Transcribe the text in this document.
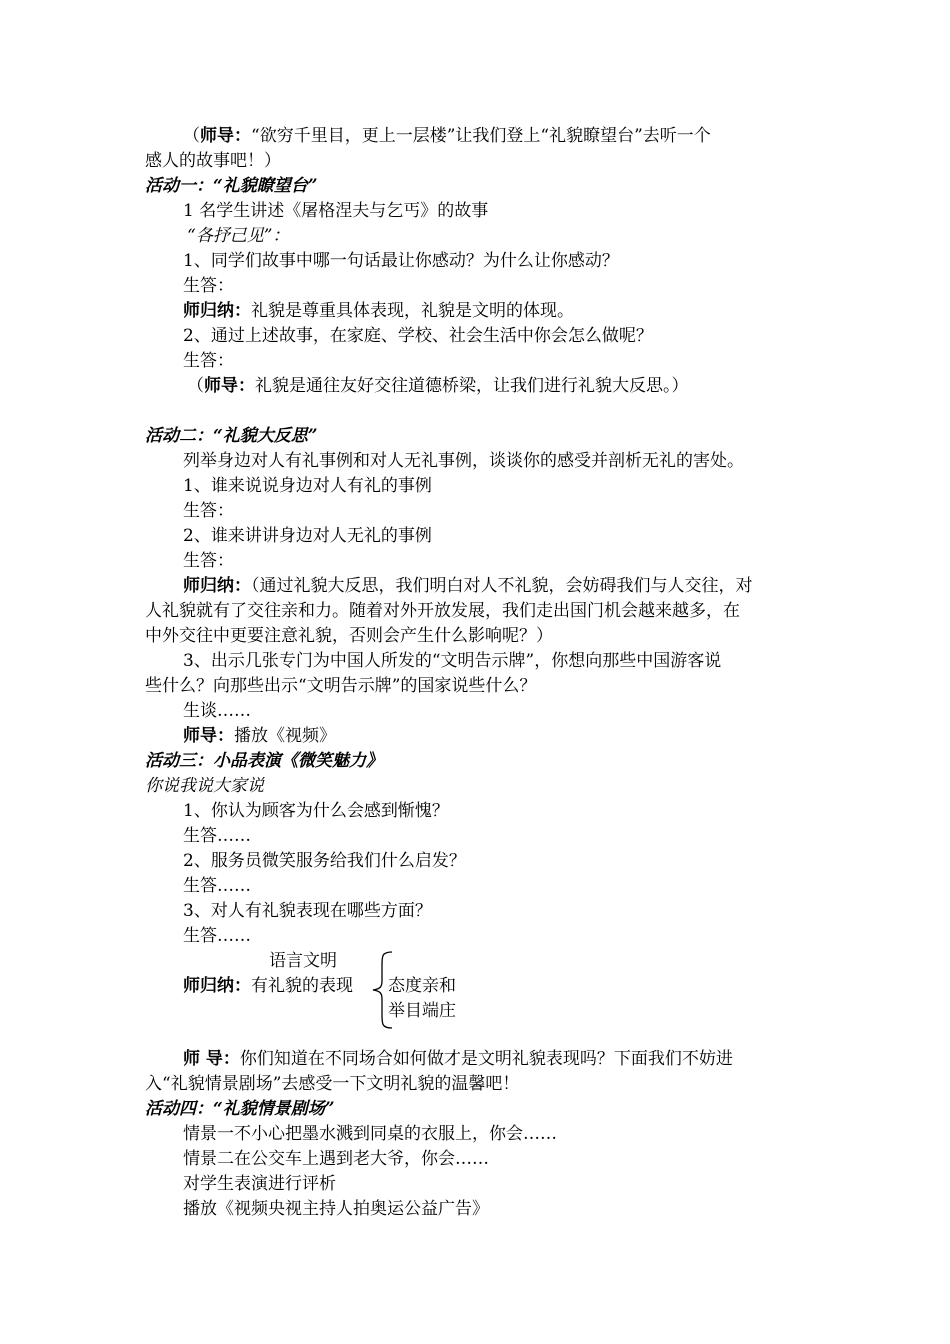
（师导：“欲穷千里目，更上一层楼”让我们登上“礼貌瞭望台”去听一个
感人的故事吧！）
活动一：“礼貌瞭望台”
1 名学生讲述《屠格涅夫与乞丐》的故事
“各抒己见”：
1、同学们故事中哪一句话最让你感动？为什么让你感动？
生答：
师归纳：礼貌是尊重具体表现，礼貌是文明的体现。
2、通过上述故事，在家庭、学校、社会生活中你会怎么做呢？
生答：
（师导：礼貌是通往友好交往道德桥梁，让我们进行礼貌大反思。）
活动二：“礼貌大反思”
列举身边对人有礼事例和对人无礼事例，谈谈你的感受并剖析无礼的害处。
1、谁来说说身边对人有礼的事例
生答：
2、谁来讲讲身边对人无礼的事例
生答：
师归纳：（通过礼貌大反思，我们明白对人不礼貌，会妨碍我们与人交往，对
人礼貌就有了交往亲和力。随着对外开放发展，我们走出国门机会越来越多，在
中外交往中更要注意礼貌，否则会产生什么影响呢？）
3、出示几张专门为中国人所发的“文明告示牌”，你想向那些中国游客说
些什么？向那些出示“文明告示牌”的国家说些什么？
生谈……
师导：播放《视频》
活动三：小品表演《微笑魅力》
你说我说大家说
1、你认为顾客为什么会感到惭愧？
生答……
2、服务员微笑服务给我们什么启发？
生答……
3、对人有礼貌表现在哪些方面？
生答……
语言文明
师归纳：有礼貌的表现 态度亲和
举目端庄
师 导：你们知道在不同场合如何做才是文明礼貌表现吗？下面我们不妨进
入“礼貌情景剧场”去感受一下文明礼貌的温馨吧！
活动四：“礼貌情景剧场”
情景一不小心把墨水溅到同桌的衣服上，你会……
情景二在公交车上遇到老大爷，你会……
对学生表演进行评析
播放《视频央视主持人拍奥运公益广告》
